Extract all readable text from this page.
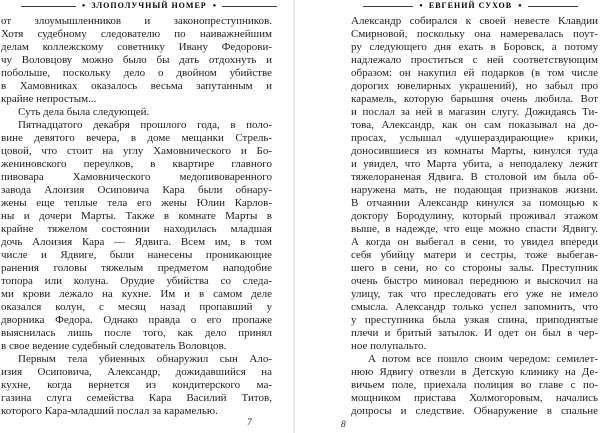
● ЗЛОПОЛУЧНЫЙ НОМЕР ●
от злоумышленников и законопреступников.
Хотя судебному следователю по наиважнейшим
делам коллежскому советнику Ивану Федорови-
чу Воловцову можно было бы дать отдохнуть и
побольше, поскольку дело о двойном убийстве
в Хамовниках оказалось весьма запутанным и
крайне непростым...
Суть дела была следующей.
Пятнадцатого декабря прошлого года, в поло-
вине девятого вечера, в доме мещанки Стрель-
цовой, что стоит на углу Хамовнического и Бо-
жениновского переулков, в квартире главного
пивовара Хамовнического медопивоваренного
завода Алоизия Осиповича Кара были обнару-
жены еще теплые тела его жены Юлии Карлов-
ны и дочери Марты. Также в комнате Марты в
крайне тяжелом состоянии находилась младшая
дочь Алоизия Кара — Ядвига. Всем им, в том
числе и Ядвиге, были нанесены проникающие
ранения головы тяжелым предметом наподобие
топора или колуна. Орудие убийства со следа-
ми крови лежало на кухне. Им и в самом деле
оказался колун, с месяц назад пропавший у
дворника Федора. Однако правда о его пропаже
выяснилась лишь после того, как дело принял
в свое ведение судебный следователь Воловцов.
Первым тела убиенных обнаружил сын Ало-
изия Осиповича, Александр, дожидавшийся на
кухне, когда вернется из кондитерского ма-
газина слуга семейства Кара Василий Титов,
которого Кара-младший послал за карамелью.
7
● ЕВГЕНИЙ СУХОВ ●
Александр собирался к своей невесте Клавдии
Смирновой, поскольку она намеревалась поут-
ру следующего дня ехать в Боровск, а потому
надлежало проститься с ней соответствующим
образом: он накупил ей подарков (в том числе
дорогих ювелирных украшений), но забыл про
карамель, которую барышня очень любила. Вот
и послал за ней в магазин слугу. Дожидаясь Ти-
това, Александр, как он сам показывал на до-
просах, услышал «душераздирающие» крики,
доносившиеся из комнаты Марты, кинулся туда
и увидел, что Марта убита, а неподалеку лежит
тяжелораненая Ядвига. В столовой им была об-
наружена мать, не подающая признаков жизни.
В отчаянии Александр кинулся за помощью к
доктору Бородулину, который проживал этажом
выше, в надежде, что еще можно спасти Ядвигу.
А когда он выбегал в сени, то увидел впереди
себя убийцу матери и сестры, тоже выбегав-
шего в сени, но со стороны залы. Преступник
очень быстро миновал переднюю и выскочил на
улицу, так что преследовать его уже не имело
смысла. Александр только успел запомнить, что
у преступника была узкая спина, приподнятые
плечи и бритый затылок. И одет он был в чер-
ное полупальто.
А потом все пошло своим чередом: семилет-
нюю Ядвигу отвезли в Детскую клинику на Де-
вичьем поле, приехала полиция во главе с по-
мощником пристава Холмогоровым, начались
допросы и следствие. Обнаружение в спальне
8
